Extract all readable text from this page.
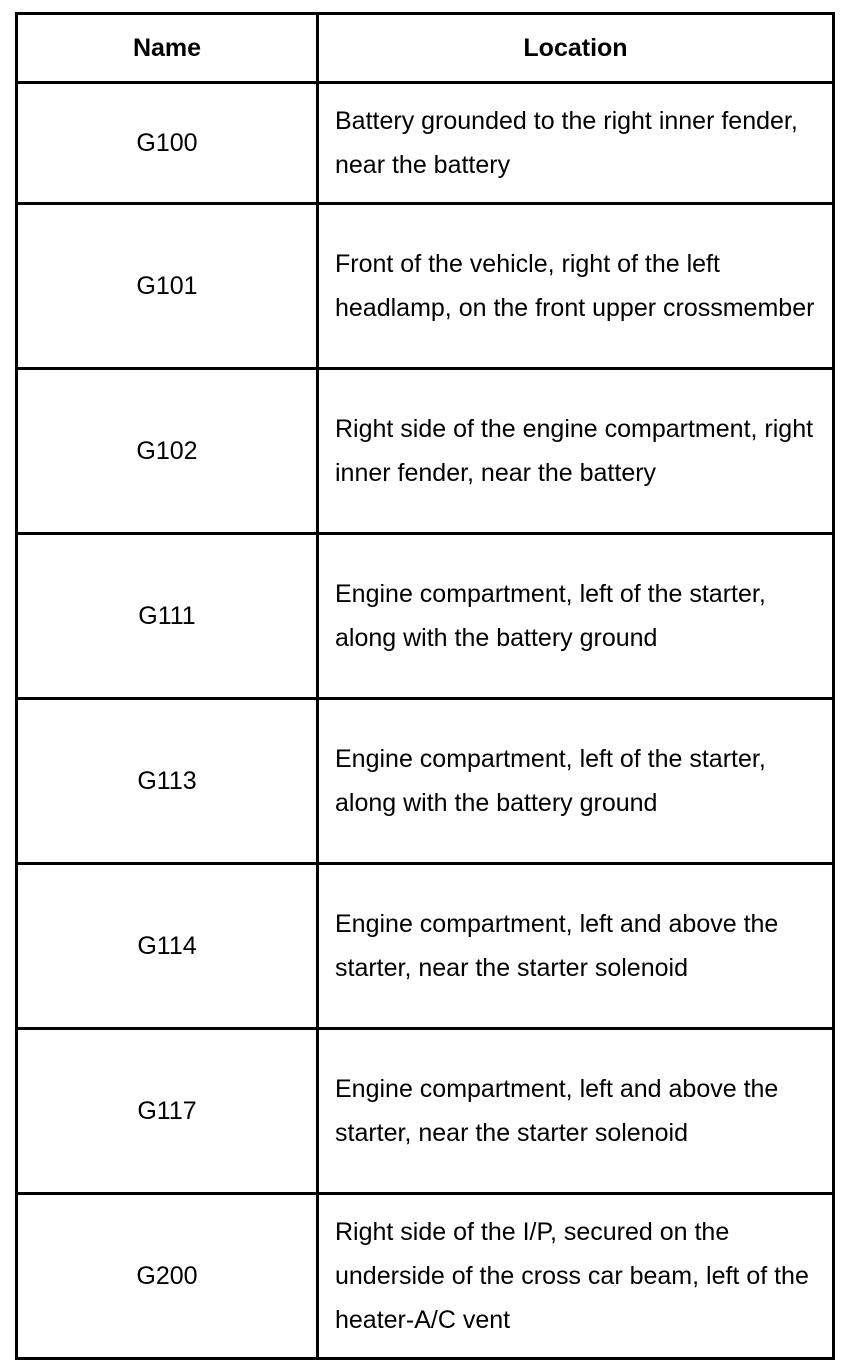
Name	Location
G100	Battery grounded to the right inner fender, near the battery

G101	Front of the vehicle, right of the left headlamp, on the front upper crossmember

G102	Right side of the engine compartment, right inner fender, near the battery

G111	Engine compartment, left of the starter, along with the battery ground

G113	Engine compartment, left of the starter, along with the battery ground

G114	Engine compartment, left and above the starter, near the starter solenoid

G117	Engine compartment, left and above the starter, near the starter solenoid

G200	Right side of the I/P, secured on the underside of the cross car beam, left of the heater-A/C vent
